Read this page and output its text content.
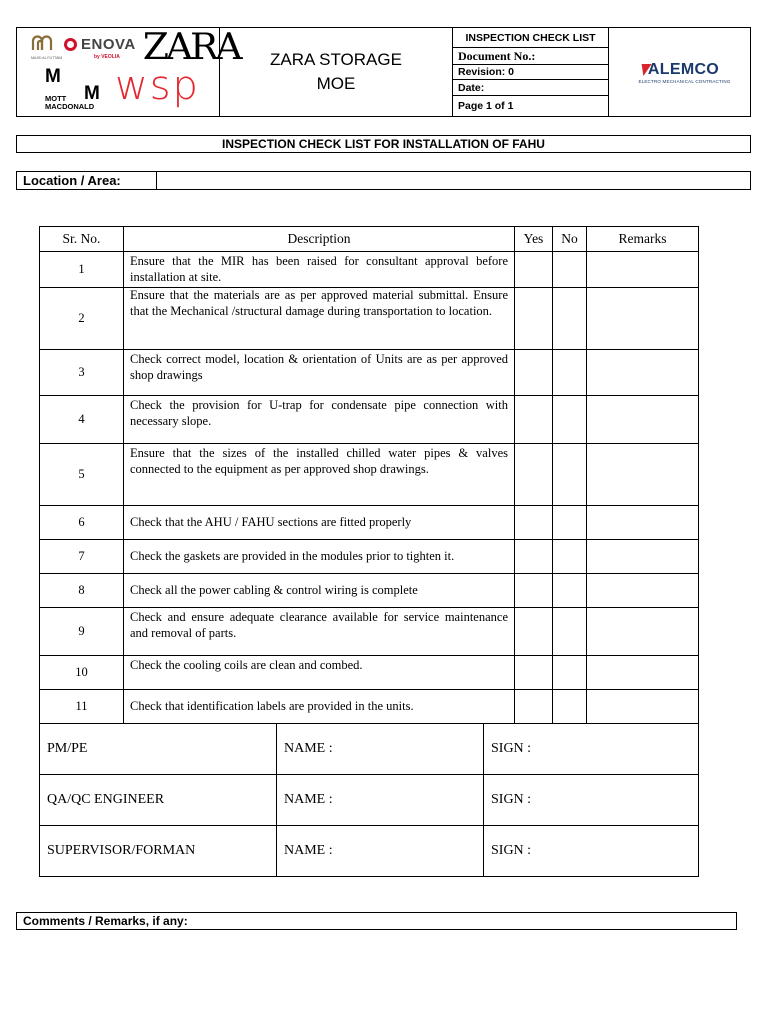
MAJID AL FUTTAIM
ENOVA
by VEOLIA ZARA
M
M
MOTT MACDONALD wsp
ZARA STORAGE
MOE
INSPECTION CHECK LIST
Document No.:
Revision: 0
Date:
Page 1 of 1
ALEMCO
ELECTRO MECHANICAL CONTRACTING
INSPECTION CHECK LIST FOR INSTALLATION OF FAHU
Location / Area:
Sr. No.	Description	Yes	No	Remarks
1	Ensure that the MIR has been raised for consultant approval before installation at site.			
2	Ensure that the materials are as per approved material submittal. Ensure that the Mechanical /structural damage during transportation to location.			
3	Check correct model, location & orientation of Units are as per approved shop drawings			
4	Check the provision for U-trap for condensate pipe connection with necessary slope.			
5	Ensure that the sizes of the installed chilled water pipes & valves connected to the equipment as per approved shop drawings.			
6	Check that the AHU / FAHU sections are fitted properly			
7	Check the gaskets are provided in the modules prior to tighten it.			
8	Check all the power cabling & control wiring is complete			
9	Check and ensure adequate clearance available for service maintenance and removal of parts.			
10	Check the cooling coils are clean and combed.			
11	Check that identification labels are provided in the units.			
PM/PE	NAME :	SIGN :
QA/QC ENGINEER	NAME :	SIGN :
SUPERVISOR/FORMAN	NAME :	SIGN :
Comments / Remarks, if any:
